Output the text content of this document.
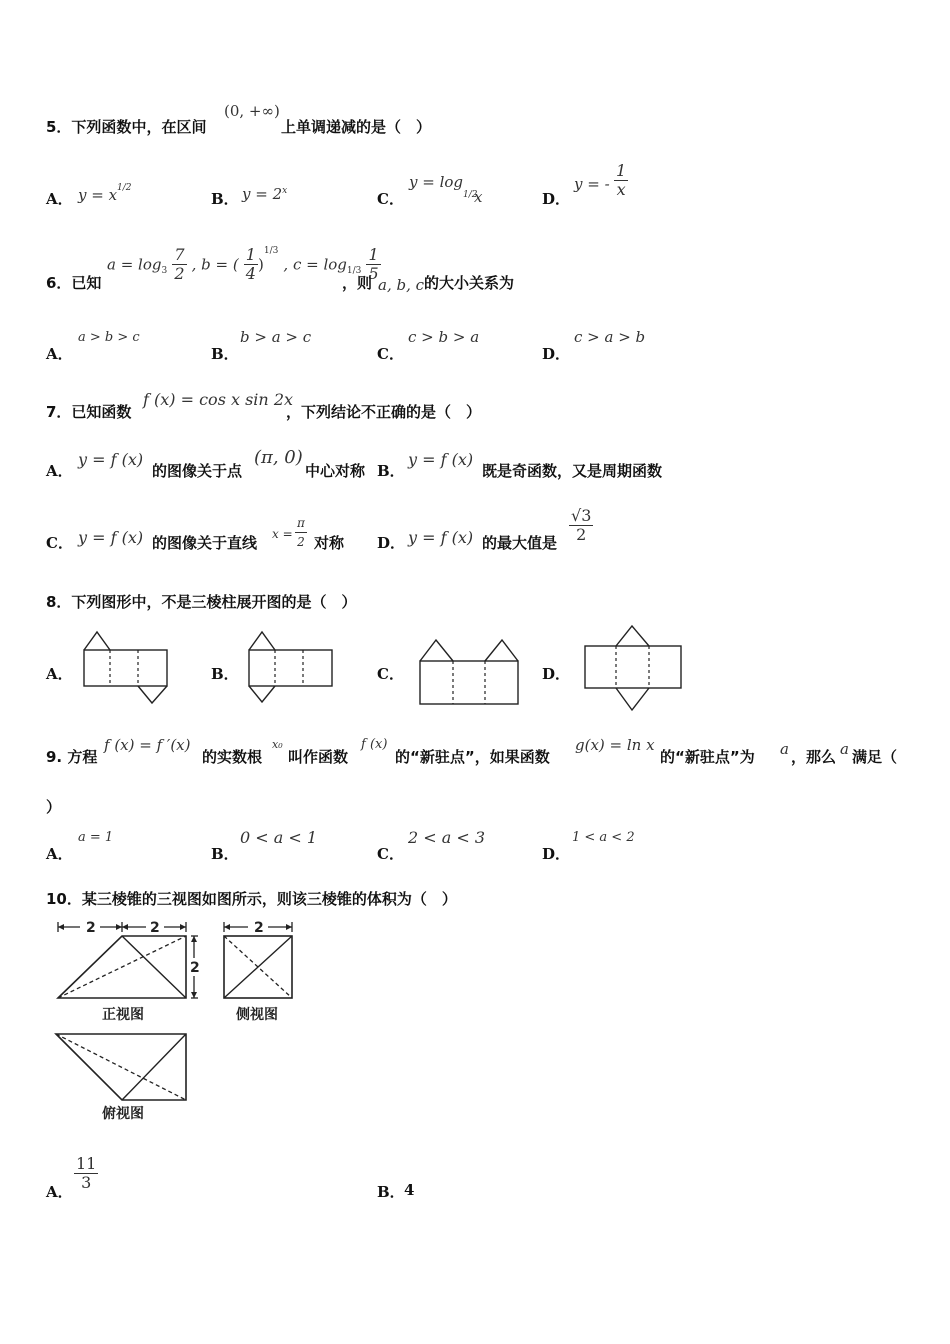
5．下列函数中，在区间
(0, +∞)
上单调递减的是（　）
A． $y = x^{1/2}$
B． $y = 2^x$	C．
$y = \log_{1/2}$
x	D．
y = - $\frac{1}{x}$
6．已知
$a = \log_3 \frac{7}{2}$ , b = ( $\frac{1}{4} )^{1/3}$ , $c = \log_{1/3} \frac{1}{5}$
，则 a, b, c 的大小关系为
A．
a > b > c
B．
b > a > c
C．
c > b > a
D．
c > a > b
7．已知函数
f (x) = cos x sin 2x
，下列结论不正确的是（　）
A．
y = f (x)
的图像关于点
(π, 0)
中心对称 B．
y = f (x)
既是奇函数，又是周期函数
C． y = f (x) 的图像关于直线 $x = \frac{\pi}{2}$ 对称 D． y = f (x) 的最大值是 $\frac{√3}{2}$
8．下列图形中，不是三棱柱展开图的是（　）
A．	B．	C．	D．
9. 方程
f (x) = f ′(x)
的实数根
x₀
叫作函数
f (x)
的“新驻点”，如果函数
g(x) = ln x
的“新驻点”为 a ，那么 a 满足（
）
A．
a = 1
B．
0 < a < 1
C．
2 < a < 3
D．
1 < a < 2
10．某三棱锥的三视图如图所示，则该三棱锥的体积为（　）
2	2
2
正视图
2
侧视图
俯视图
A． $\frac{11}{3}$	B． 4
